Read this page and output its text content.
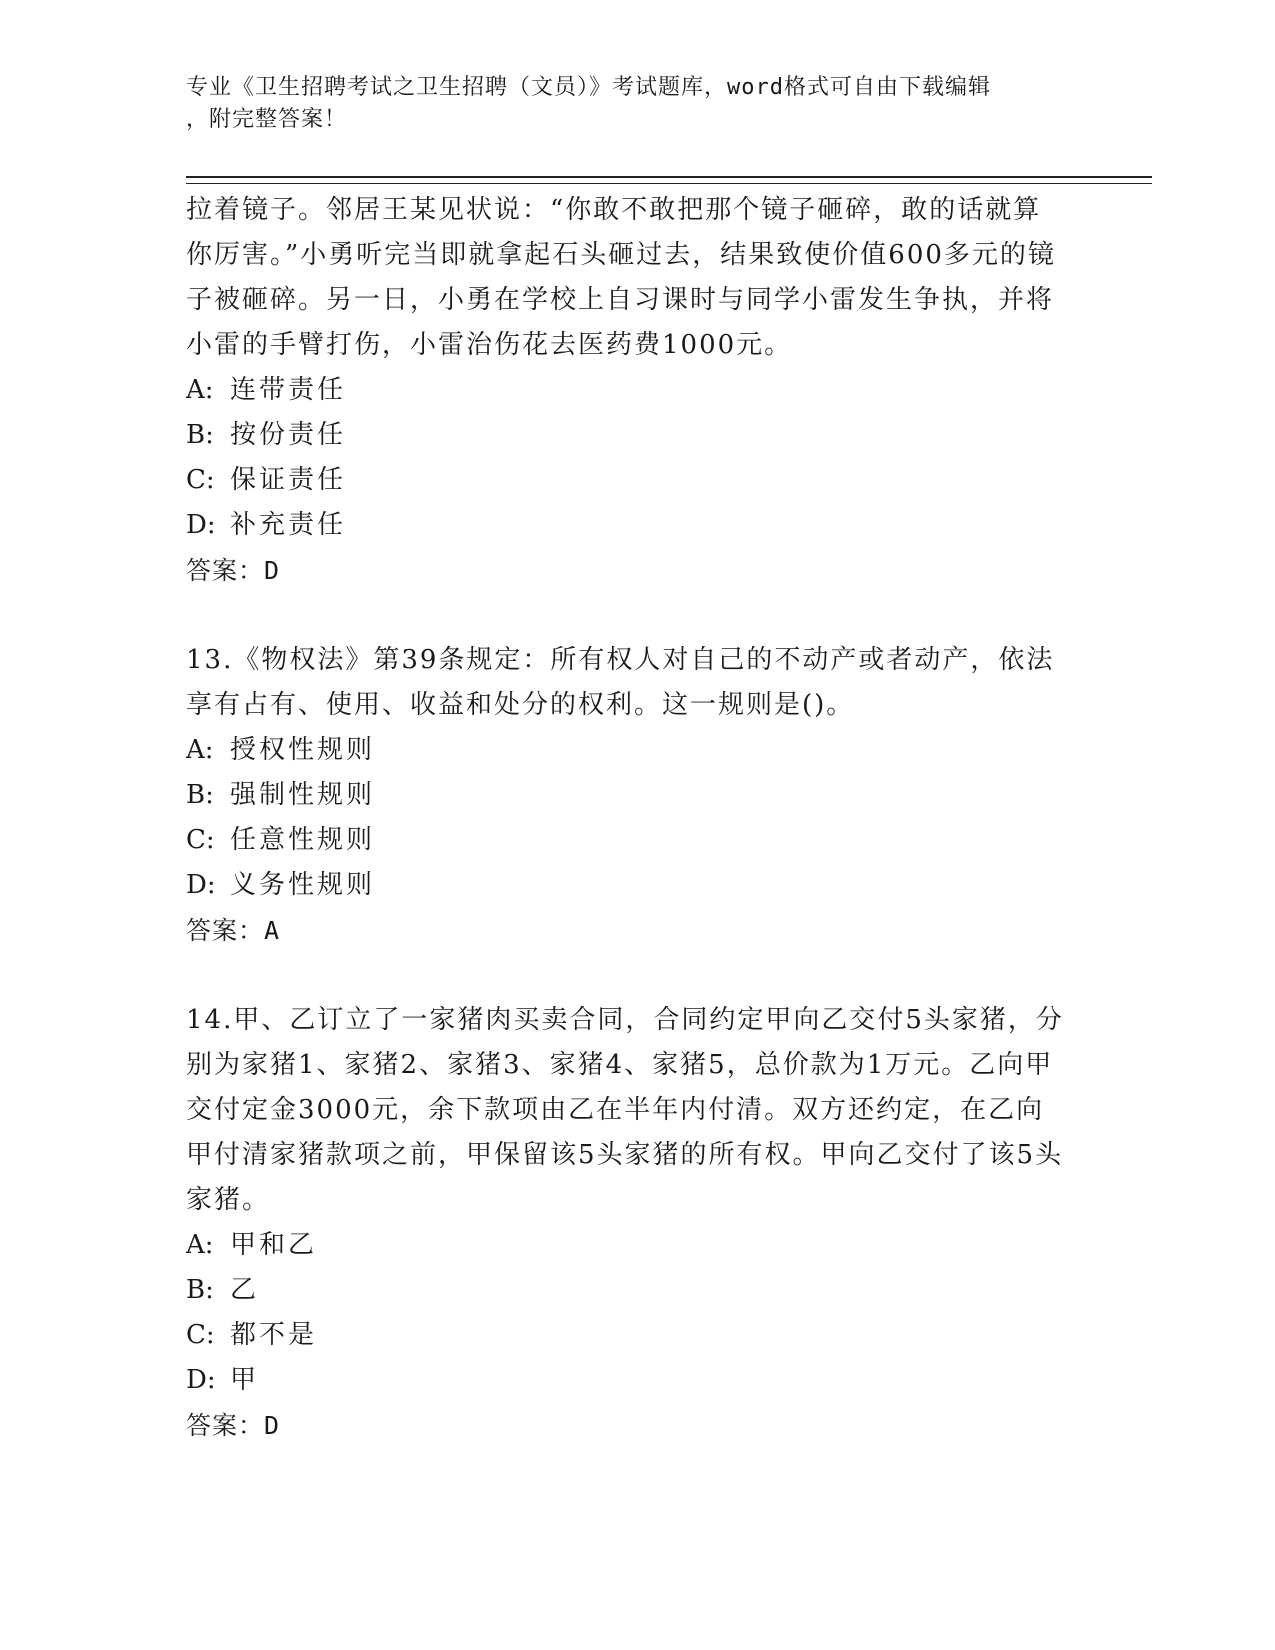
专业《卫生招聘考试之卫生招聘（文员）》考试题库，word格式可自由下载编辑
，附完整答案！

拉着镜子。邻居王某见状说：“你敢不敢把那个镜子砸碎，敢的话就算你厉害。”小勇听完当即就拿起石头砸过去，结果致使价值600多元的镜子被砸碎。另一日，小勇在学校上自习课时与同学小雷发生争执，并将小雷的手臂打伤，小雷治伤花去医药费1000元。

A: 连带责任

B: 按份责任

C: 保证责任

D: 补充责任

答案：D

13.《物权法》第39条规定：所有权人对自己的不动产或者动产，依法享有占有、使用、收益和处分的权利。这一规则是()。

A: 授权性规则

B: 强制性规则

C: 任意性规则

D: 义务性规则

答案：A

14.甲、乙订立了一家猪肉买卖合同，合同约定甲向乙交付5头家猪，分别为家猪1、家猪2、家猪3、家猪4、家猪5，总价款为1万元。乙向甲交付定金3000元，余下款项由乙在半年内付清。双方还约定，在乙向甲付清家猪款项之前，甲保留该5头家猪的所有权。甲向乙交付了该5头家猪。

A: 甲和乙

B: 乙

C: 都不是

D: 甲

答案：D
